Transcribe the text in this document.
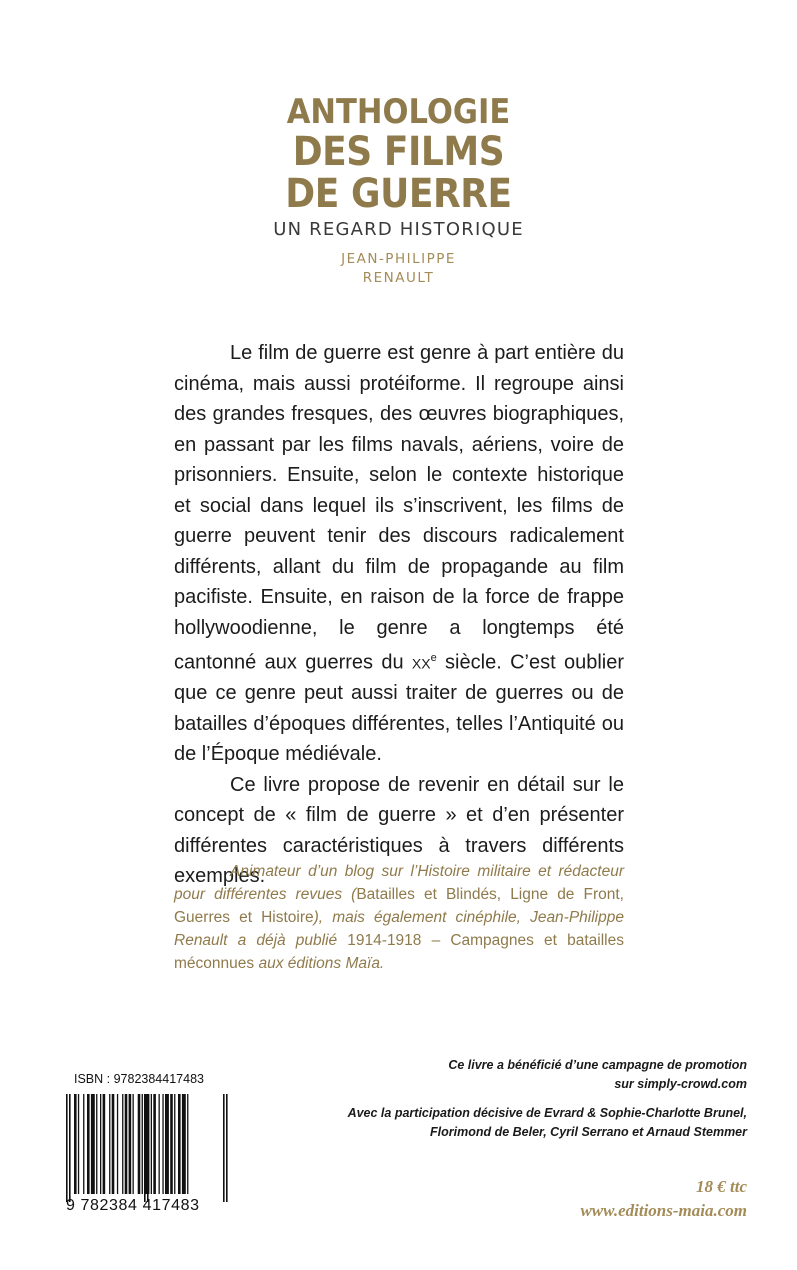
ANTHOLOGIE
DES FILMS
DE GUERRE
UN REGARD HISTORIQUE
JEAN-PHILIPPE
RENAULT

Le film de guerre est genre à part entière du cinéma, mais aussi protéiforme. Il regroupe ainsi des grandes fresques, des œuvres biographiques, en passant par les films navals, aériens, voire de prisonniers. Ensuite, selon le contexte historique et social dans lequel ils s’inscrivent, les films de guerre peuvent tenir des discours radicalement différents, allant du film de propagande au film pacifiste. Ensuite, en raison de la force de frappe hollywoodienne, le genre a longtemps été cantonné aux guerres du $xx^e$ siècle. C’est oublier que ce genre peut aussi traiter de guerres ou de batailles d’époques différentes, telles l’Antiquité ou de l’Époque médiévale.

Ce livre propose de revenir en détail sur le concept de « film de guerre » et d’en présenter différentes caractéristiques à travers différents exemples.

Animateur d’un blog sur l’Histoire militaire et rédacteur pour différentes revues (Batailles et Blindés, Ligne de Front, Guerres et Histoire), mais également cinéphile, Jean-Philippe Renault a déjà publié 1914-1918 – Campagnes et batailles méconnues aux éditions Maïa.
Ce livre a bénéficié d’une campagne de promotion
sur simply-crowd.com
Avec la participation décisive de Evrard & Sophie-Charlotte Brunel,
Florimond de Beler, Cyril Serrano et Arnaud Stemmer
18 € ttc
www.editions-maia.com
ISBN : 9782384417483
9 782384 417483
